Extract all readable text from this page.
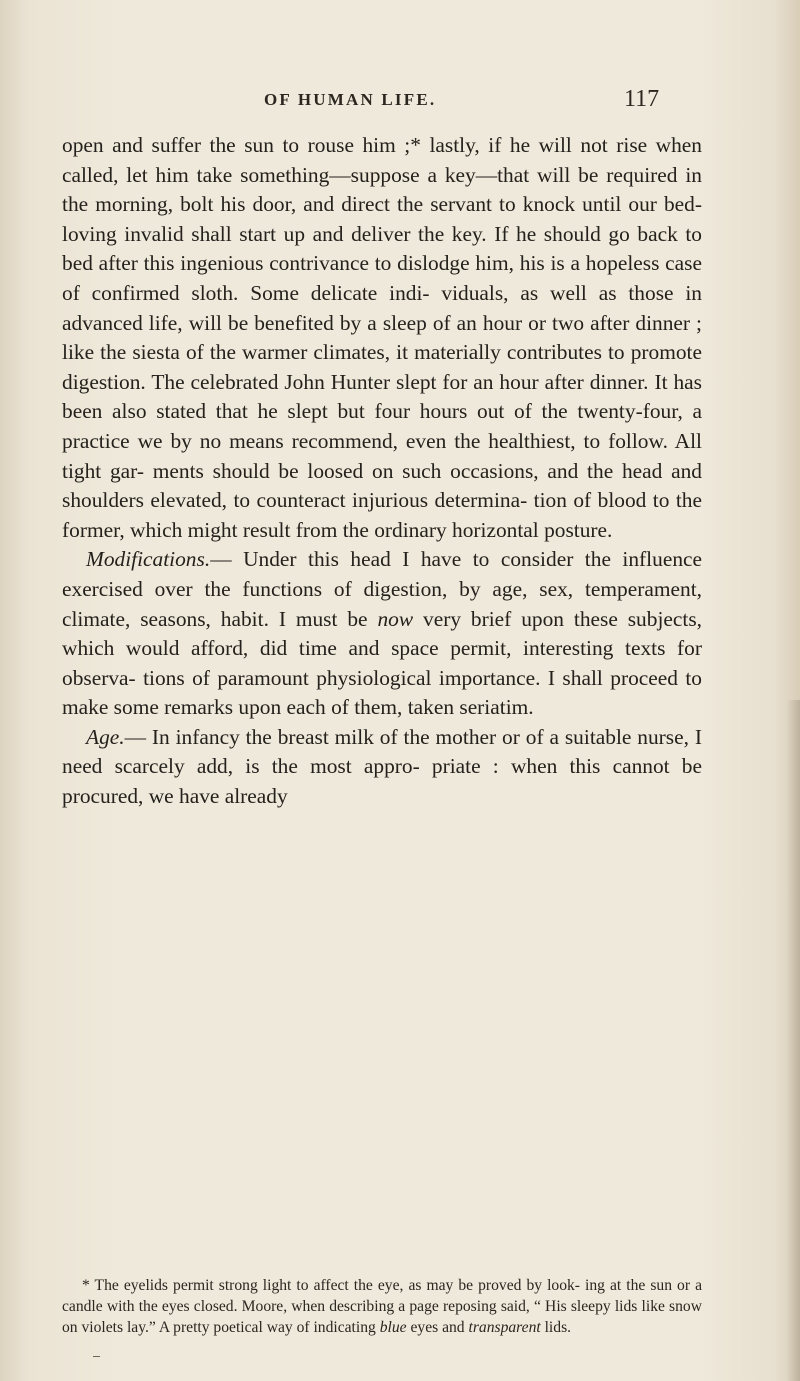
OF HUMAN LIFE.	117

open and suffer the sun to rouse him ;* lastly, if he will not rise when called, let him take something—suppose a key—that will be required in the morning, bolt his door, and direct the servant to knock until our bed-loving invalid shall start up and deliver the key. If he should go back to bed after this ingenious contrivance to dislodge him, his is a hopeless case of confirmed sloth. Some delicate indi- viduals, as well as those in advanced life, will be benefited by a sleep of an hour or two after dinner ; like the siesta of the warmer climates, it materially contributes to promote digestion. The celebrated John Hunter slept for an hour after dinner. It has been also stated that he slept but four hours out of the twenty-four, a practice we by no means recommend, even the healthiest, to follow. All tight gar- ments should be loosed on such occasions, and the head and shoulders elevated, to counteract injurious determina- tion of blood to the former, which might result from the ordinary horizontal posture.

Modifications.— Under this head I have to consider the influence exercised over the functions of digestion, by age, sex, temperament, climate, seasons, habit. I must be now very brief upon these subjects, which would afford, did time and space permit, interesting texts for observa- tions of paramount physiological importance. I shall proceed to make some remarks upon each of them, taken seriatim.

Age.— In infancy the breast milk of the mother or of a suitable nurse, I need scarcely add, is the most appro- priate : when this cannot be procured, we have already

* The eyelids permit strong light to affect the eye, as may be proved by look- ing at the sun or a candle with the eyes closed. Moore, when describing a page reposing said, “ His sleepy lids like snow on violets lay.” A pretty poetical way of indicating blue eyes and transparent lids.
